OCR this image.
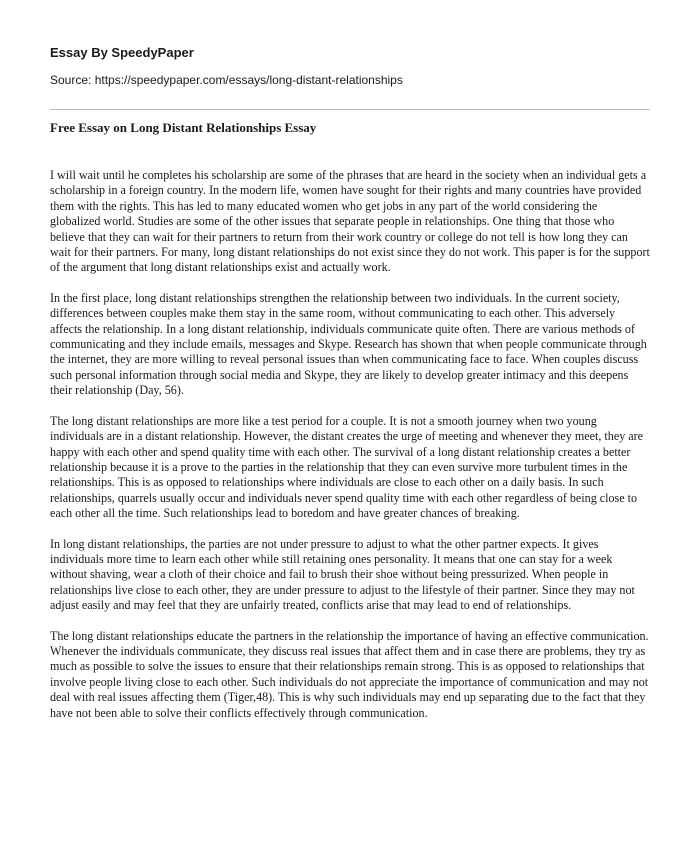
Essay By SpeedyPaper
Source: https://speedypaper.com/essays/long-distant-relationships
Free Essay on Long Distant Relationships Essay

I will wait until he completes his scholarship are some of the phrases that are heard in the society when an individual gets a scholarship in a foreign country. In the modern life, women have sought for their rights and many countries have provided them with the rights. This has led to many educated women who get jobs in any part of the world considering the globalized world. Studies are some of the other issues that separate people in relationships. One thing that those who believe that they can wait for their partners to return from their work country or college do not tell is how long they can wait for their partners. For many, long distant relationships do not exist since they do not work. This paper is for the support of the argument that long distant relationships exist and actually work.

In the first place, long distant relationships strengthen the relationship between two individuals. In the current society, differences between couples make them stay in the same room, without communicating to each other. This adversely affects the relationship. In a long distant relationship, individuals communicate quite often. There are various methods of communicating and they include emails, messages and Skype. Research has shown that when people communicate through the internet, they are more willing to reveal personal issues than when communicating face to face. When couples discuss such personal information through social media and Skype, they are likely to develop greater intimacy and this deepens their relationship (Day, 56).

The long distant relationships are more like a test period for a couple. It is not a smooth journey when two young individuals are in a distant relationship. However, the distant creates the urge of meeting and whenever they meet, they are happy with each other and spend quality time with each other. The survival of a long distant relationship creates a better relationship because it is a prove to the parties in the relationship that they can even survive more turbulent times in the relationships. This is as opposed to relationships where individuals are close to each other on a daily basis. In such relationships, quarrels usually occur and individuals never spend quality time with each other regardless of being close to each other all the time. Such relationships lead to boredom and have greater chances of breaking.

In long distant relationships, the parties are not under pressure to adjust to what the other partner expects. It gives individuals more time to learn each other while still retaining ones personality. It means that one can stay for a week without shaving, wear a cloth of their choice and fail to brush their shoe without being pressurized. When people in relationships live close to each other, they are under pressure to adjust to the lifestyle of their partner. Since they may not adjust easily and may feel that they are unfairly treated, conflicts arise that may lead to end of relationships.

The long distant relationships educate the partners in the relationship the importance of having an effective communication. Whenever the individuals communicate, they discuss real issues that affect them and in case there are problems, they try as much as possible to solve the issues to ensure that their relationships remain strong. This is as opposed to relationships that involve people living close to each other. Such individuals do not appreciate the importance of communication and may not deal with real issues affecting them (Tiger,48). This is why such individuals may end up separating due to the fact that they have not been able to solve their conflicts effectively through communication.
